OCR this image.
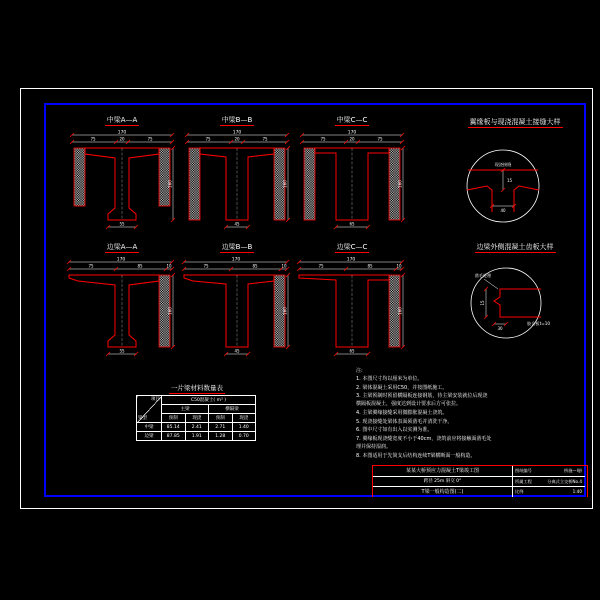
中梁A—A
170
75	20	75
160
55
中梁B—B
170
75	20	75
160
45
中梁C—C
170
75	20	75
160
65
边梁A—A
170
75	85	10
160
55
边梁B—B
170
75	85	10
160
45
边梁C—C
170
75	85	10
160
65
翼缘板与现浇混凝土接缝大样
现浇接缝
15
40
边梁外侧混凝土齿板大样
凿毛处理
15
30
胶合板t=10
一片梁材料数量表
项目
梁型	C50混凝土( m³ )			
	主梁		横隔梁	
	预制	现浇	预制	现浇
中梁	85.14	2.41	2.71	1.40
边梁	87.85	1.91	1.28	0.70
注:
1. 本图尺寸均以厘米为单位。
2. 梁体混凝土采用C50，并按图纸施工。
3. 主梁预制时预留横隔板连接钢筋，待主梁安装就位后现浇横隔板混凝土，强度达到设计要求后方可张拉。
4. 主梁翼缘接缝采用微膨胀混凝土浇筑。
5. 现浇接缝处梁体表面须凿毛并清洗干净。
6. 图中尺寸如有出入以实测为准。
7. 翼缘板现浇缝宽度不小于40cm，浇筑前应将接触面凿毛处理并保持湿润。
8. 本图适用于先简支后结构连续T梁横断面一般构造。
某某大桥预应力混凝土T梁竣工图
跨径 25m 斜交 0°
T梁一般构造图(二)
图纸编号	桥施—Ⅰ册
所属工程	分离式立交桥No.4
比例	1:40
